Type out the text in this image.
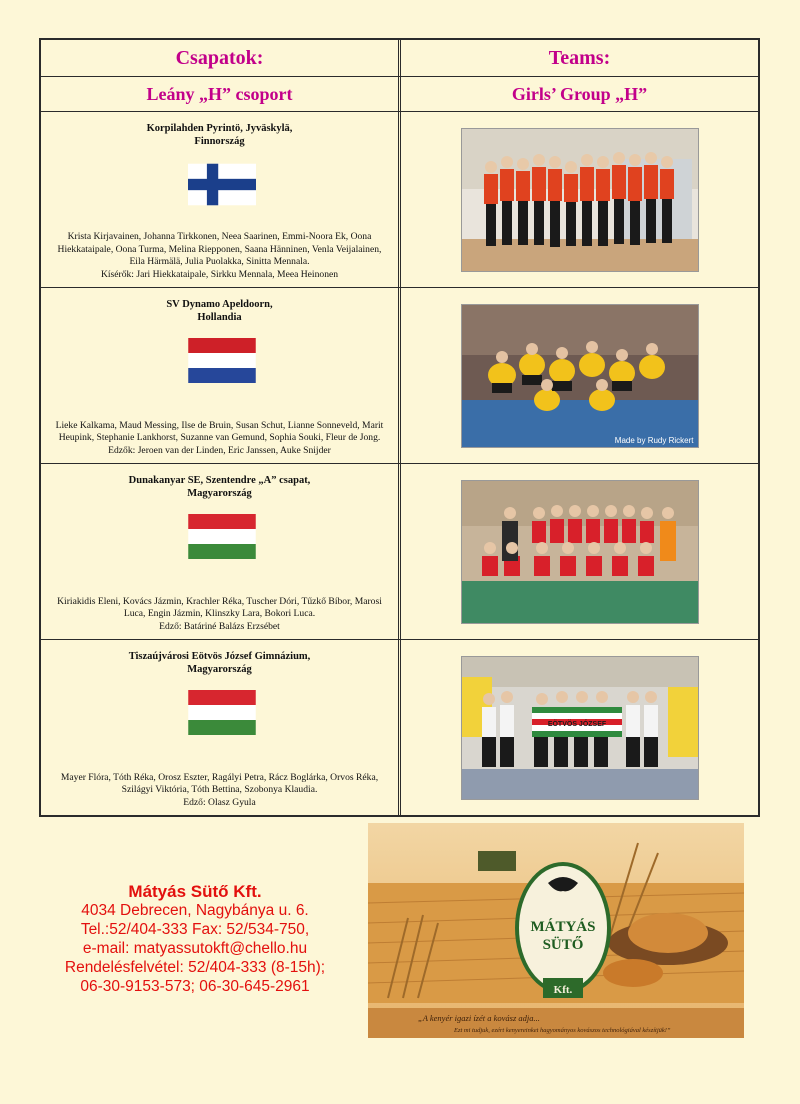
Csapatok:	Teams:
Leány „H” csoport	Girls’ Group „H”
Korpilahden Pyrintö, Jyväskylä,
Finnország
Krista Kirjavainen, Johanna Tirkkonen, Neea Saarinen, Emmi-Noora Ek, Oona Hiekkataipale, Oona Turma, Melina Riepponen, Saana Hänninen, Venla Veijalainen, Eila Härmälä, Julia Puolakka, Sinitta Mennala.
Kísérők: Jari Hiekkataipale, Sirkku Mennala, Meea Heinonen
SV Dynamo Apeldoorn,
Hollandia
Lieke Kalkama, Maud Messing, Ilse de Bruin, Susan Schut, Lianne Sonneveld, Marit Heupink, Stephanie Lankhorst, Suzanne van Gemund, Sophia Souki, Fleur de Jong.
Edzők: Jeroen van der Linden, Eric Janssen, Auke Snijder
Made by Rudy Rickert
Dunakanyar SE, Szentendre „A” csapat,
Magyarország
Kiriakidis Eleni, Kovács Jázmin, Krachler Réka, Tuscher Dóri, Tűzkő Bíbor, Marosi Luca, Engin Jázmin, Klinszky Lara, Bokori Luca.
Edző: Batáriné Balázs Erzsébet
Tiszaújvárosi Eötvös József Gimnázium,
Magyarország
Mayer Flóra, Tóth Réka, Orosz Eszter, Ragályi Petra, Rácz Boglárka, Orvos Réka, Szilágyi Viktória, Tóth Bettina, Szobonya Klaudia.
Edző: Olasz Gyula
EÖTVÖS JÓZSEF
Mátyás Sütő Kft.
4034 Debrecen, Nagybánya u. 6.
Tel.:52/404-333 Fax: 52/534-750,
e-mail: matyassutokft@chello.hu
Rendelésfelvétel: 52/404-333 (8-15h);
06-30-9153-573; 06-30-645-2961
MÁTYÁS
SÜTŐ
Kft.
„A kenyér igazi ízét a kovász adja...
Ezt mi tudjuk, ezért kenyereinket hagyományos kovászos technológiával készítjük!”
